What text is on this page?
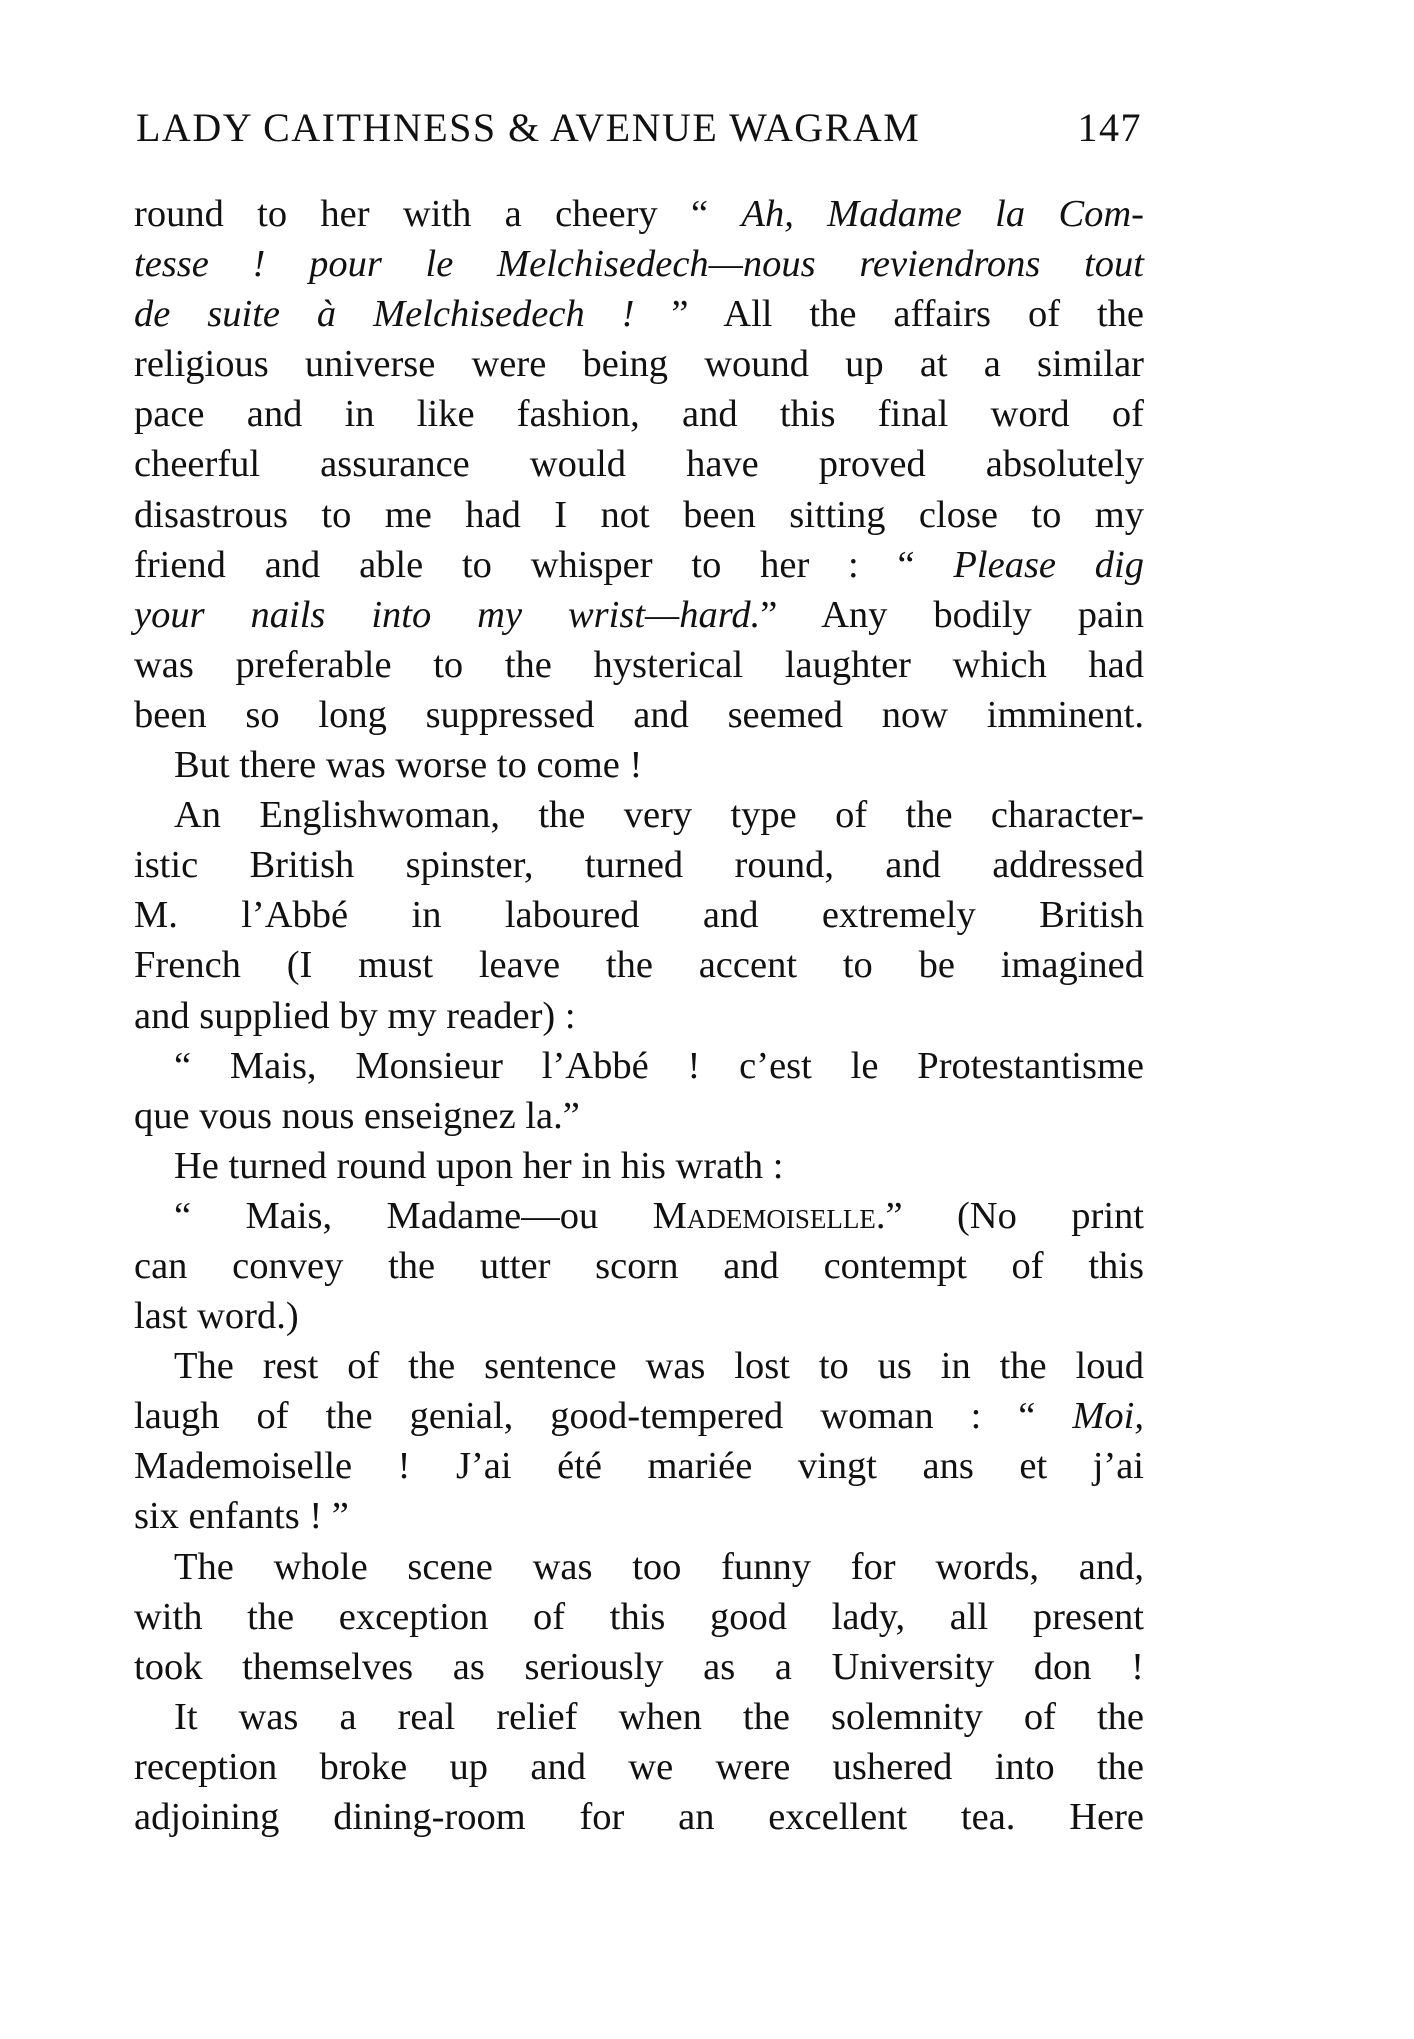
LADY CAITHNESS & AVENUE WAGRAM	147
round to her with a cheery “ Ah, Madame la Com-
tesse ! pour le Melchisedech—nous reviendrons tout
de suite à Melchisedech ! ” All the affairs of the
religious universe were being wound up at a similar
pace and in like fashion, and this final word of
cheerful assurance would have proved absolutely
disastrous to me had I not been sitting close to my
friend and able to whisper to her : “ Please dig
your nails into my wrist—hard.” Any bodily pain
was preferable to the hysterical laughter which had
been so long suppressed and seemed now imminent.
But there was worse to come !
An Englishwoman, the very type of the character-
istic British spinster, turned round, and addressed
M. l’Abbé in laboured and extremely British
French (I must leave the accent to be imagined
and supplied by my reader) :
“ Mais, Monsieur l’Abbé ! c’est le Protestantisme
que vous nous enseignez la.”
He turned round upon her in his wrath :
“ Mais, Madame—ou Mademoiselle.” (No print
can convey the utter scorn and contempt of this
last word.)
The rest of the sentence was lost to us in the loud
laugh of the genial, good-tempered woman : “ Moi,
Mademoiselle ! J’ai été mariée vingt ans et j’ai
six enfants ! ”
The whole scene was too funny for words, and,
with the exception of this good lady, all present
took themselves as seriously as a University don !
It was a real relief when the solemnity of the
reception broke up and we were ushered into the
adjoining dining-room for an excellent tea. Here
